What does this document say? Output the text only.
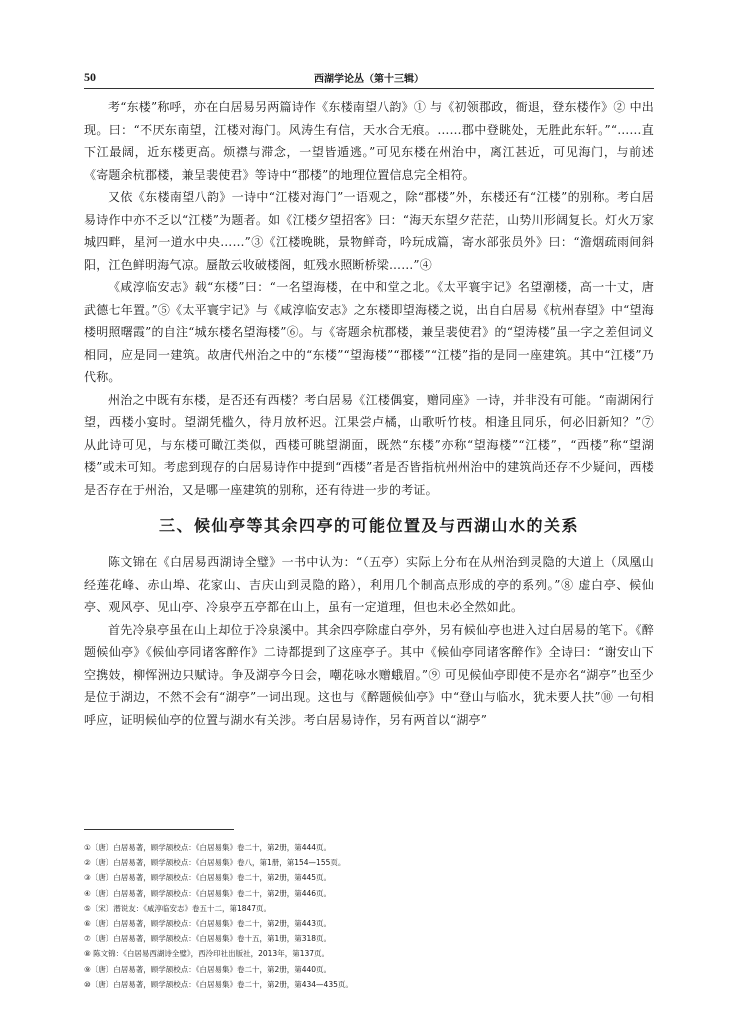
50	西湖学论丛（第十三辑）

考“东楼”称呼，亦在白居易另两篇诗作《东楼南望八韵》① 与《初领郡政，衙退，登东楼作》② 中出现。曰：“不厌东南望，江楼对海门。风涛生有信，天水合无痕。……郡中登眺处，无胜此东轩。”“……直下江最阔，近东楼更高。烦襟与滞念，一望皆遁逃。”可见东楼在州治中，离江甚近，可见海门，与前述《寄题余杭郡楼，兼呈裴使君》等诗中“郡楼”的地理位置信息完全相符。

又依《东楼南望八韵》一诗中“江楼对海门”一语观之，除“郡楼”外，东楼还有“江楼”的别称。考白居易诗作中亦不乏以“江楼”为题者。如《江楼夕望招客》曰：“海天东望夕茫茫，山势川形阔复长。灯火万家城四畔，星河一道水中央……”③《江楼晚眺，景物鲜奇，吟玩成篇，寄水部张员外》曰：“澹烟疏雨间斜阳，江色鲜明海气凉。蜃散云收破楼阁，虹残水照断桥梁……”④

《咸淳临安志》载“东楼”曰：“一名望海楼，在中和堂之北。《太平寰宇记》名望潮楼，高一十丈，唐武德七年置。”⑤《太平寰宇记》与《咸淳临安志》之东楼即望海楼之说，出自白居易《杭州春望》中“望海楼明照曙霞”的自注“城东楼名望海楼”⑥。与《寄题余杭郡楼，兼呈裴使君》的“望涛楼”虽一字之差但词义相同，应是同一建筑。故唐代州治之中的“东楼”“望海楼”“郡楼”“江楼”指的是同一座建筑。其中“江楼”乃代称。

州治之中既有东楼，是否还有西楼？考白居易《江楼偶宴，赠同座》一诗，并非没有可能。“南湖闲行望，西楼小宴时。望湖凭槛久，待月放杯迟。江果尝卢橘，山歌听竹枝。相逢且同乐，何必旧新知？”⑦ 从此诗可见，与东楼可瞰江类似，西楼可眺望湖面，既然“东楼”亦称“望海楼”“江楼”，“西楼”称“望湖楼”或未可知。考虑到现存的白居易诗作中提到“西楼”者是否皆指杭州州治中的建筑尚还存不少疑问，西楼是否存在于州治，又是哪一座建筑的别称，还有待进一步的考证。

三、候仙亭等其余四亭的可能位置及与西湖山水的关系

陈文锦在《白居易西湖诗全璧》一书中认为：“（五亭）实际上分布在从州治到灵隐的大道上（凤凰山经莲花峰、赤山埠、花家山、吉庆山到灵隐的路），利用几个制高点形成的亭的系列。”⑧ 虚白亭、候仙亭、观风亭、见山亭、冷泉亭五亭都在山上，虽有一定道理，但也未必全然如此。

首先冷泉亭虽在山上却位于冷泉溪中。其余四亭除虚白亭外，另有候仙亭也进入过白居易的笔下。《醉题候仙亭》《候仙亭同诸客醉作》二诗都提到了这座亭子。其中《候仙亭同诸客醉作》全诗曰：“谢安山下空携妓，柳恽洲边只赋诗。争及湖亭今日会，嘲花咏水赠蛾眉。”⑨ 可见候仙亭即使不是亦名“湖亭”也至少是位于湖边，不然不会有“湖亭”一词出现。这也与《醉题候仙亭》中“登山与临水，犹未要人扶”⑩ 一句相呼应，证明候仙亭的位置与湖水有关涉。考白居易诗作，另有两首以“湖亭”

①〔唐〕白居易著，顾学颉校点：《白居易集》卷二十，第2册，第444页。
②〔唐〕白居易著，顾学颉校点：《白居易集》卷八，第1册，第154—155页。
③〔唐〕白居易著，顾学颉校点：《白居易集》卷二十，第2册，第445页。
④〔唐〕白居易著，顾学颉校点：《白居易集》卷二十，第2册，第446页。
⑤〔宋〕潜说友：《咸淳临安志》卷五十二，第1847页。
⑥〔唐〕白居易著，顾学颉校点：《白居易集》卷二十，第2册，第443页。
⑦〔唐〕白居易著，顾学颉校点：《白居易集》卷十五，第1册，第318页。
⑧ 陈文锦：《白居易西湖诗全璧》，西泠印社出版社，2013年，第137页。
⑨〔唐〕白居易著，顾学颉校点：《白居易集》卷二十，第2册，第440页。
⑩〔唐〕白居易著，顾学颉校点：《白居易集》卷二十，第2册，第434—435页。
